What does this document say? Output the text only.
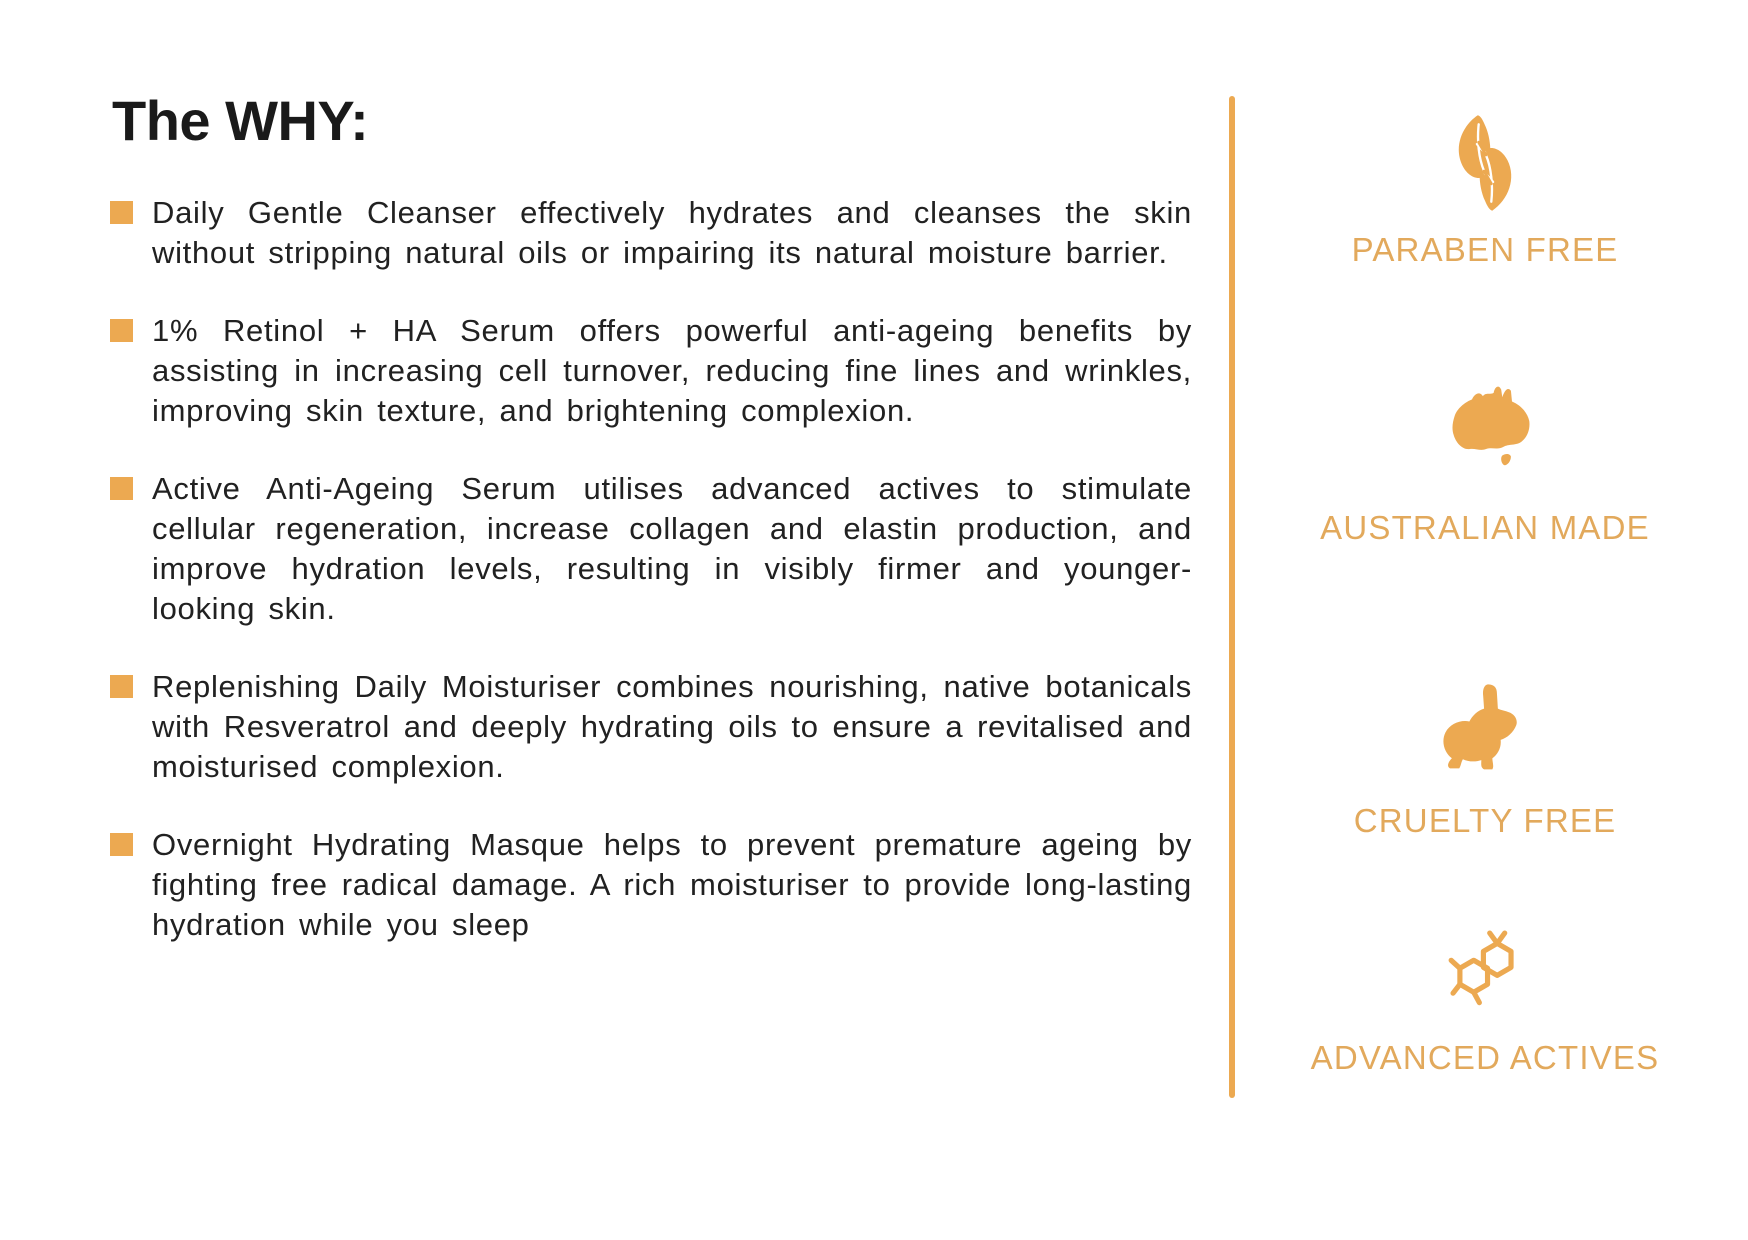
The WHY:

Daily Gentle Cleanser effectively hydrates and cleanses the skin without stripping natural oils or impairing its natural moisture barrier.

1% Retinol + HA Serum offers powerful anti-ageing benefits by assisting in increasing cell turnover, reducing fine lines and wrinkles, improving skin texture, and brightening complexion.

Active Anti-Ageing Serum utilises advanced actives to stimulate cellular regeneration, increase collagen and elastin production, and improve hydration levels, resulting in visibly firmer and younger-looking skin.

Replenishing Daily Moisturiser combines nourishing, native botanicals with Resveratrol and deeply hydrating oils to ensure a revitalised and moisturised complexion.

Overnight Hydrating Masque helps to prevent premature ageing by fighting free radical damage. A rich moisturiser to provide long-lasting hydration while you sleep

PARABEN FREE
AUSTRALIAN MADE
CRUELTY FREE
ADVANCED ACTIVES
